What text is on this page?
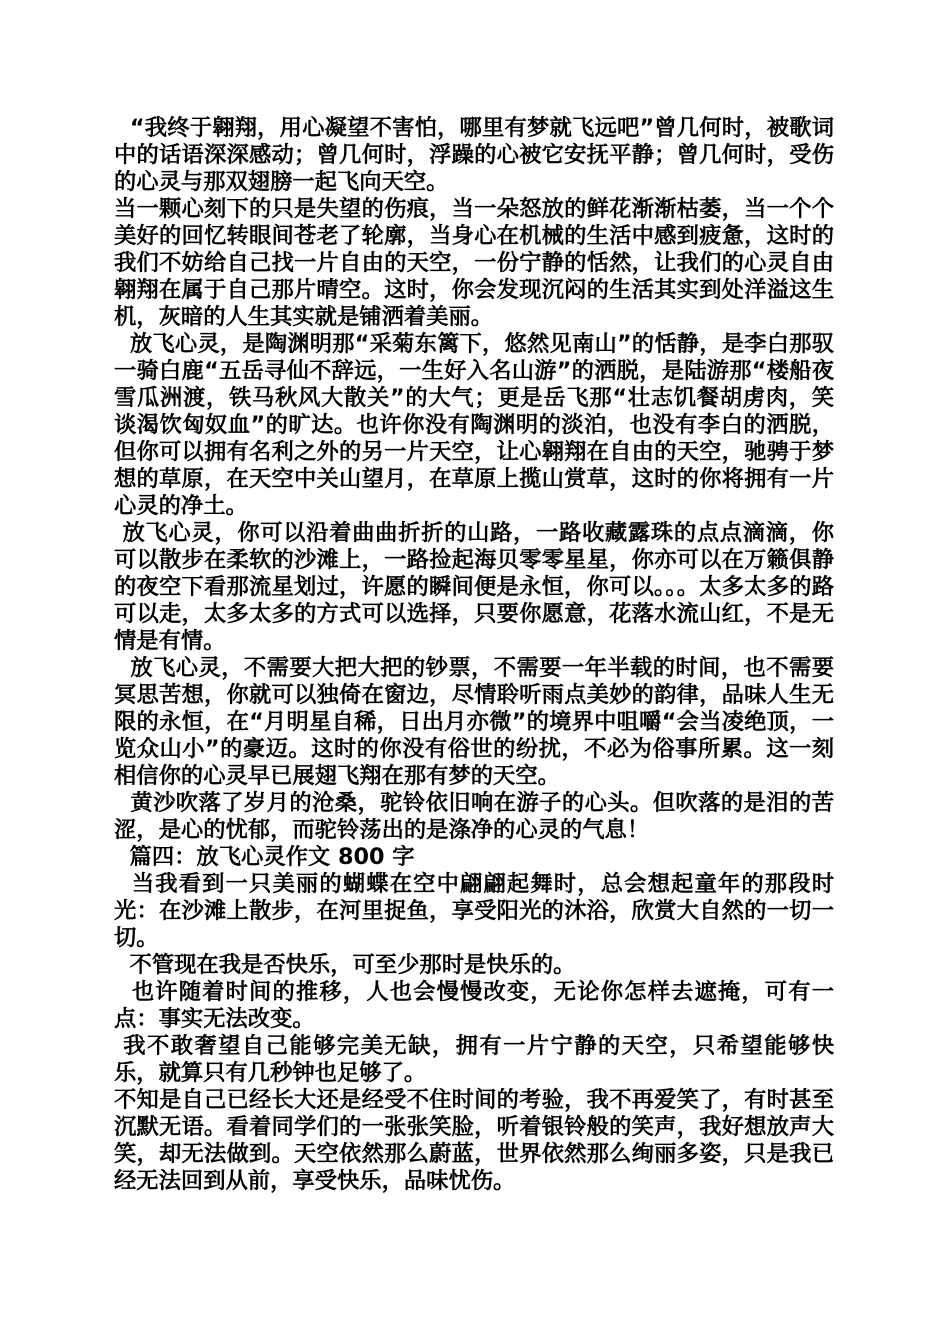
“我终于翱翔，用心凝望不害怕，哪里有梦就飞远吧”曾几何时，被歌词中的话语深深感动；曾几何时，浮躁的心被它安抚平静；曾几何时，受伤的心灵与那双翅膀一起飞向天空。

当一颗心刻下的只是失望的伤痕，当一朵怒放的鲜花渐渐枯萎，当一个个美好的回忆转眼间苍老了轮廓，当身心在机械的生活中感到疲惫，这时的我们不妨给自己找一片自由的天空，一份宁静的恬然，让我们的心灵自由翱翔在属于自己那片晴空。这时，你会发现沉闷的生活其实到处洋溢这生机，灰暗的人生其实就是铺洒着美丽。

放飞心灵，是陶渊明那“采菊东篱下，悠然见南山”的恬静，是李白那驭一骑白鹿“五岳寻仙不辞远，一生好入名山游”的洒脱，是陆游那“楼船夜雪瓜洲渡，铁马秋风大散关”的大气；更是岳飞那“壮志饥餐胡虏肉，笑谈渴饮匈奴血”的旷达。也许你没有陶渊明的淡泊，也没有李白的洒脱，但你可以拥有名利之外的另一片天空，让心翱翔在自由的天空，驰骋于梦想的草原，在天空中关山望月，在草原上揽山赏草，这时的你将拥有一片心灵的净土。

放飞心灵，你可以沿着曲曲折折的山路，一路收藏露珠的点点滴滴，你可以散步在柔软的沙滩上，一路捡起海贝零零星星，你亦可以在万籁俱静的夜空下看那流星划过，许愿的瞬间便是永恒，你可以。。。太多太多的路可以走，太多太多的方式可以选择，只要你愿意，花落水流山红，不是无情是有情。

放飞心灵，不需要大把大把的钞票，不需要一年半载的时间，也不需要冥思苦想，你就可以独倚在窗边，尽情聆听雨点美妙的韵律，品味人生无限的永恒，在“月明星自稀，日出月亦微”的境界中咀嚼“会当凌绝顶，一览众山小”的豪迈。这时的你没有俗世的纷扰，不必为俗事所累。这一刻相信你的心灵早已展翅飞翔在那有梦的天空。

黄沙吹落了岁月的沧桑，驼铃依旧响在游子的心头。但吹落的是泪的苦涩，是心的忧郁，而驼铃荡出的是涤净的心灵的气息！

篇四：放飞心灵作文 800 字

当我看到一只美丽的蝴蝶在空中翩翩起舞时，总会想起童年的那段时光：在沙滩上散步，在河里捉鱼，享受阳光的沐浴，欣赏大自然的一切一切。

不管现在我是否快乐，可至少那时是快乐的。

也许随着时间的推移，人也会慢慢改变，无论你怎样去遮掩，可有一点：事实无法改变。

我不敢奢望自己能够完美无缺，拥有一片宁静的天空，只希望能够快乐，就算只有几秒钟也足够了。

不知是自己已经长大还是经受不住时间的考验，我不再爱笑了，有时甚至沉默无语。看着同学们的一张张笑脸，听着银铃般的笑声，我好想放声大笑，却无法做到。天空依然那么蔚蓝，世界依然那么绚丽多姿，只是我已经无法回到从前，享受快乐，品味忧伤。
